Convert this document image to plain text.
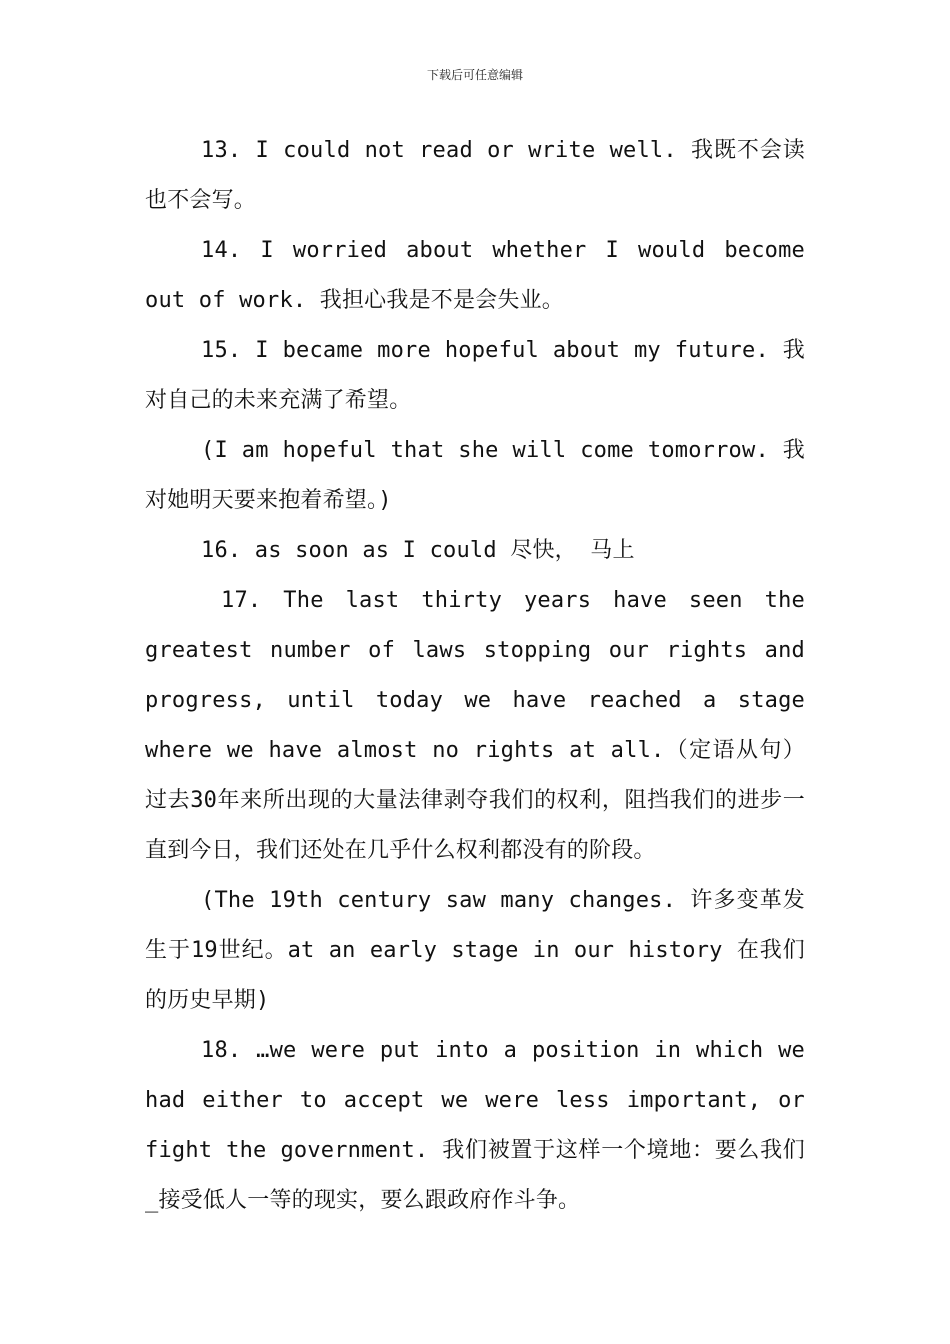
下载后可任意编辑

13. I could not read or write well. 我既不会读也不会写。

14. I worried about whether I would become out of work. 我担心我是不是会失业。

15. I became more hopeful about my future. 我对自己的未来充满了希望。

(I am hopeful that she will come tomorrow. 我对她明天要来抱着希望。)

16. as soon as I could 尽快， 马上

17. The last thirty years have seen the greatest number of laws stopping our rights and progress, until today we have reached a stage where we have almost no rights at all.（定语从句）过去30年来所出现的大量法律剥夺我们的权利，阻挡我们的进步一直到今日，我们还处在几乎什么权利都没有的阶段。

(The 19th century saw many changes. 许多变革发生于19世纪。at an early stage in our history 在我们的历史早期)

18. …we were put into a position in which we had either to accept we were less important, or fight the government. 我们被置于这样一个境地：要么我们_接受低人一等的现实，要么跟政府作斗争。
